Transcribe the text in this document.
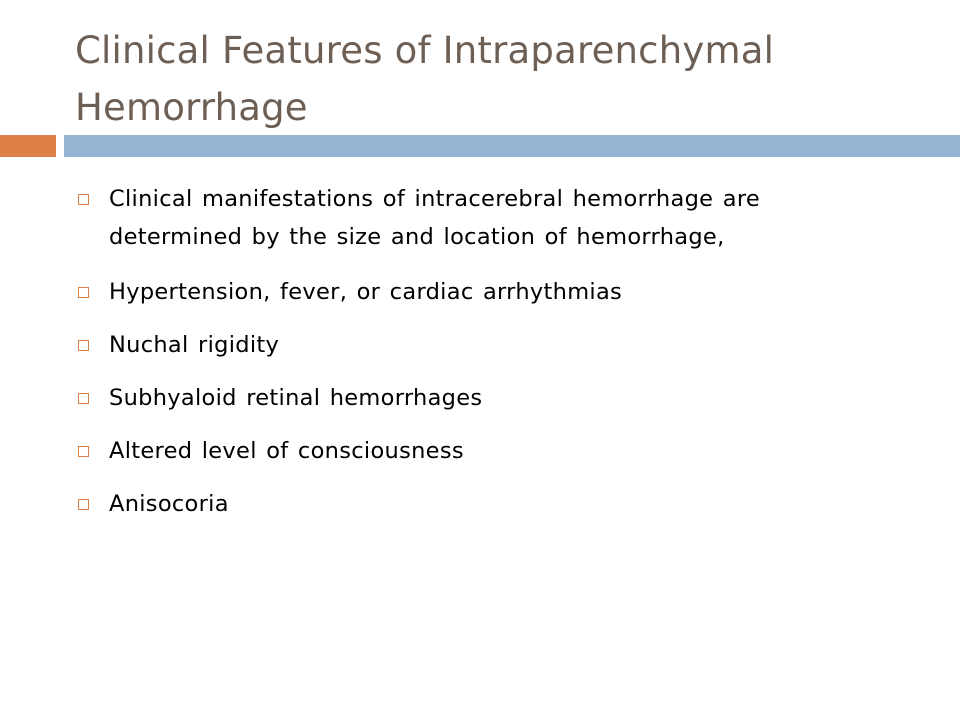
Clinical Features of Intraparenchymal Hemorrhage
Clinical manifestations of intracerebral hemorrhage are determined by the size and location of hemorrhage,
Hypertension, fever, or cardiac arrhythmias
Nuchal rigidity
Subhyaloid retinal hemorrhages
Altered level of consciousness
Anisocoria
